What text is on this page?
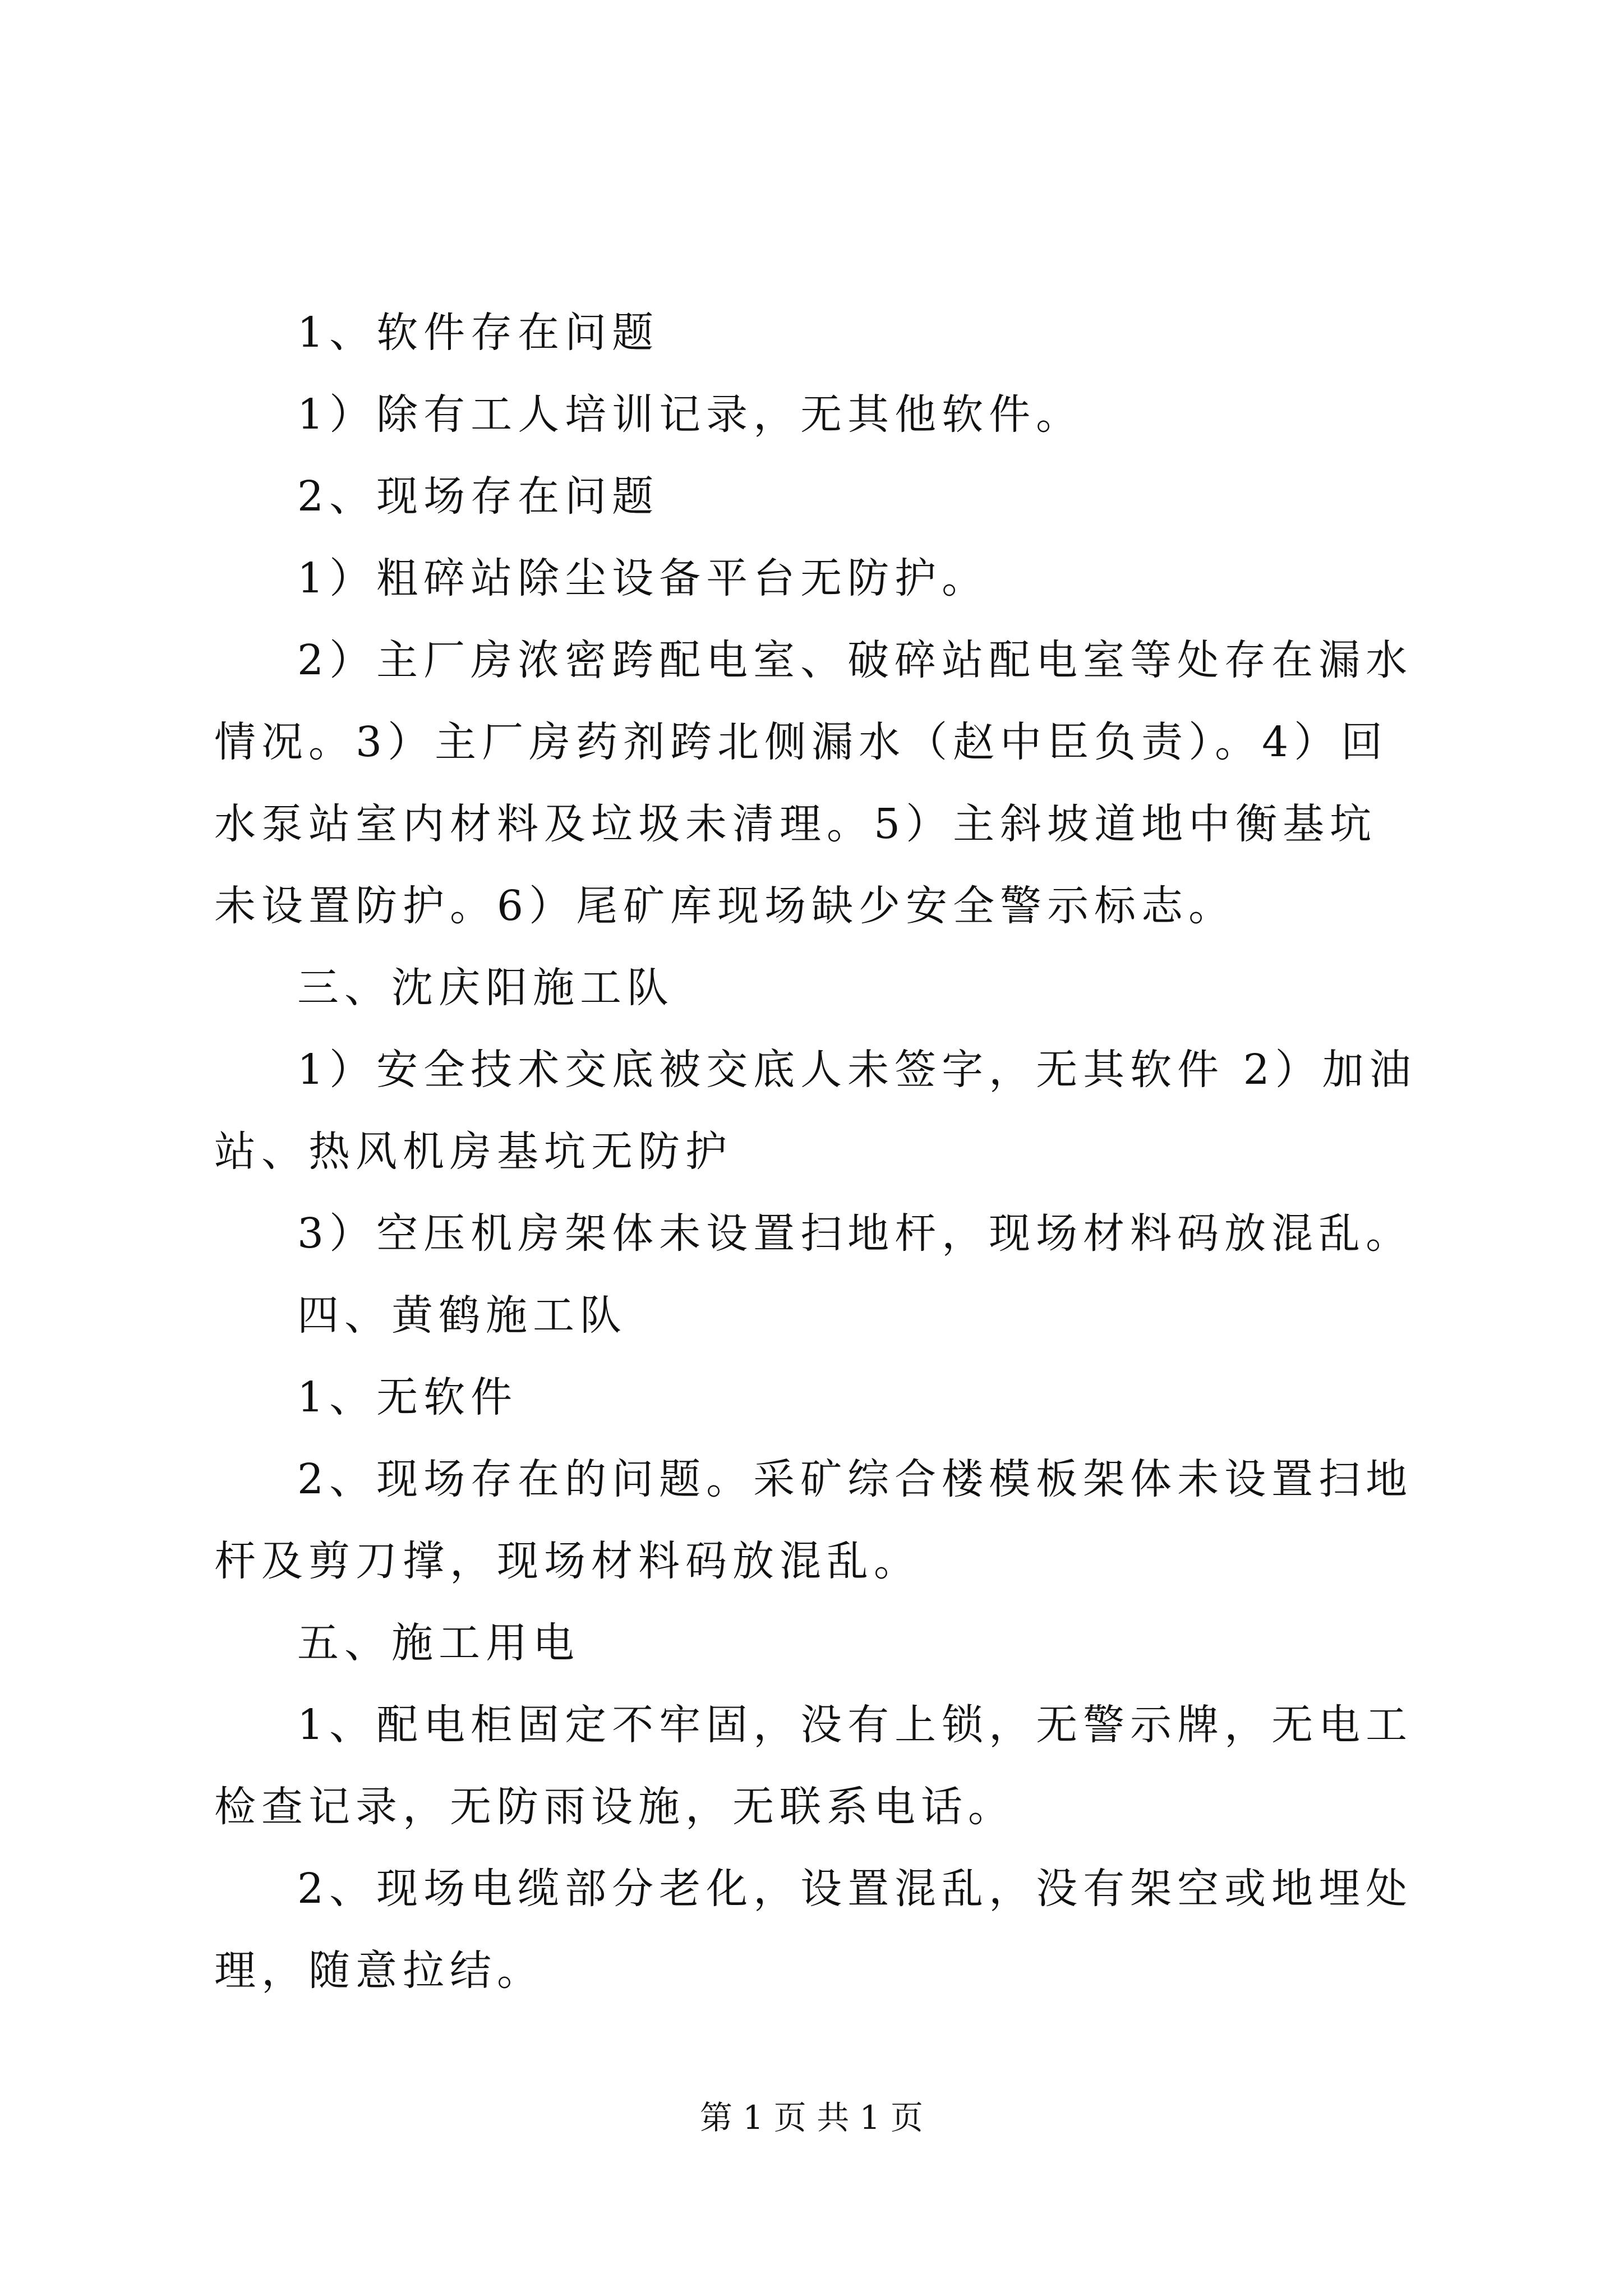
1、软件存在问题

1）除有工人培训记录，无其他软件。

2、现场存在问题

1）粗碎站除尘设备平台无防护。

2）主厂房浓密跨配电室、破碎站配电室等处存在漏水情况。3）主厂房药剂跨北侧漏水（赵中臣负责）。4）回水泵站室内材料及垃圾未清理。5）主斜坡道地中衡基坑未设置防护。6）尾矿库现场缺少安全警示标志。

三、沈庆阳施工队

1）安全技术交底被交底人未签字，无其软件 2）加油站、热风机房基坑无防护

3）空压机房架体未设置扫地杆，现场材料码放混乱。

四、黄鹤施工队

1、无软件

2、现场存在的问题。采矿综合楼模板架体未设置扫地杆及剪刀撑，现场材料码放混乱。

五、施工用电

1、配电柜固定不牢固，没有上锁，无警示牌，无电工检查记录，无防雨设施，无联系电话。

2、现场电缆部分老化，设置混乱，没有架空或地埋处理，随意拉结。

第 1 页 共 1 页
